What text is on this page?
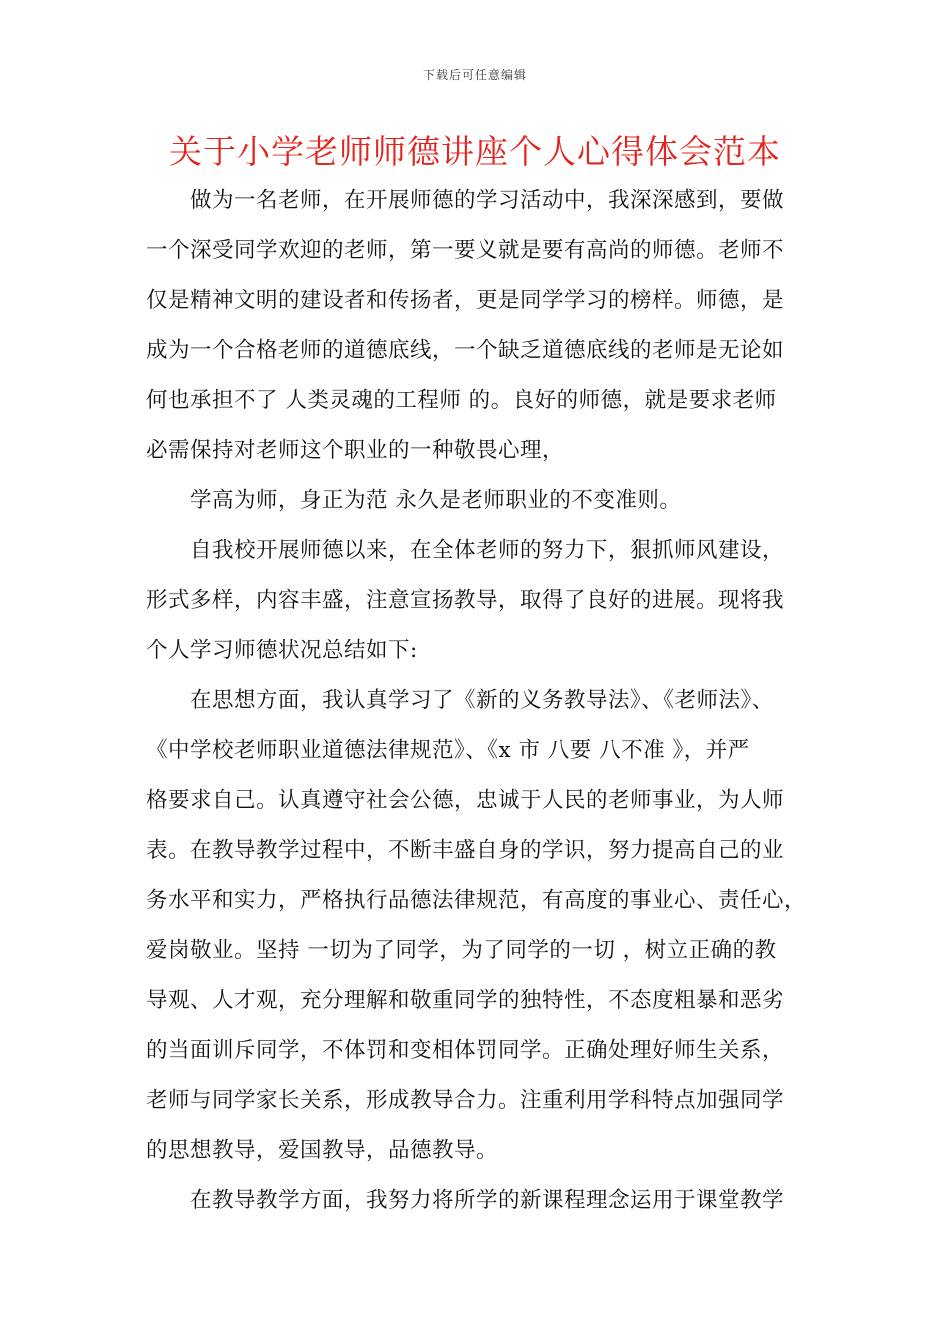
下载后可任意编辑
关于小学老师师德讲座个人心得体会范本
做为一名老师，在开展师德的学习活动中，我深深感到，要做
一个深受同学欢迎的老师，第一要义就是要有高尚的师德。老师不
仅是精神文明的建设者和传扬者，更是同学学习的榜样。师德，是
成为一个合格老师的道德底线，一个缺乏道德底线的老师是无论如
何也承担不了 人类灵魂的工程师 的。良好的师德，就是要求老师
必需保持对老师这个职业的一种敬畏心理，
学高为师，身正为范 永久是老师职业的不变准则。
自我校开展师德以来，在全体老师的努力下，狠抓师风建设，
形式多样，内容丰盛，注意宣扬教导，取得了良好的进展。现将我
个人学习师德状况总结如下:
在思想方面，我认真学习了《新的义务教导法》、《老师法》、
《中学校老师职业道德法律规范》、《x 市 八要 八不准 》，并严
格要求自己。认真遵守社会公德，忠诚于人民的老师事业，为人师
表。在教导教学过程中，不断丰盛自身的学识，努力提高自己的业
务水平和实力，严格执行品德法律规范，有高度的事业心、责任心，
爱岗敬业。坚持 一切为了同学，为了同学的一切 ，树立正确的教
导观、人才观，充分理解和敬重同学的独特性，不态度粗暴和恶劣
的当面训斥同学，不体罚和变相体罚同学。正确处理好师生关系，
老师与同学家长关系，形成教导合力。注重利用学科特点加强同学
的思想教导，爱国教导，品德教导。
在教导教学方面，我努力将所学的新课程理念运用于课堂教学
